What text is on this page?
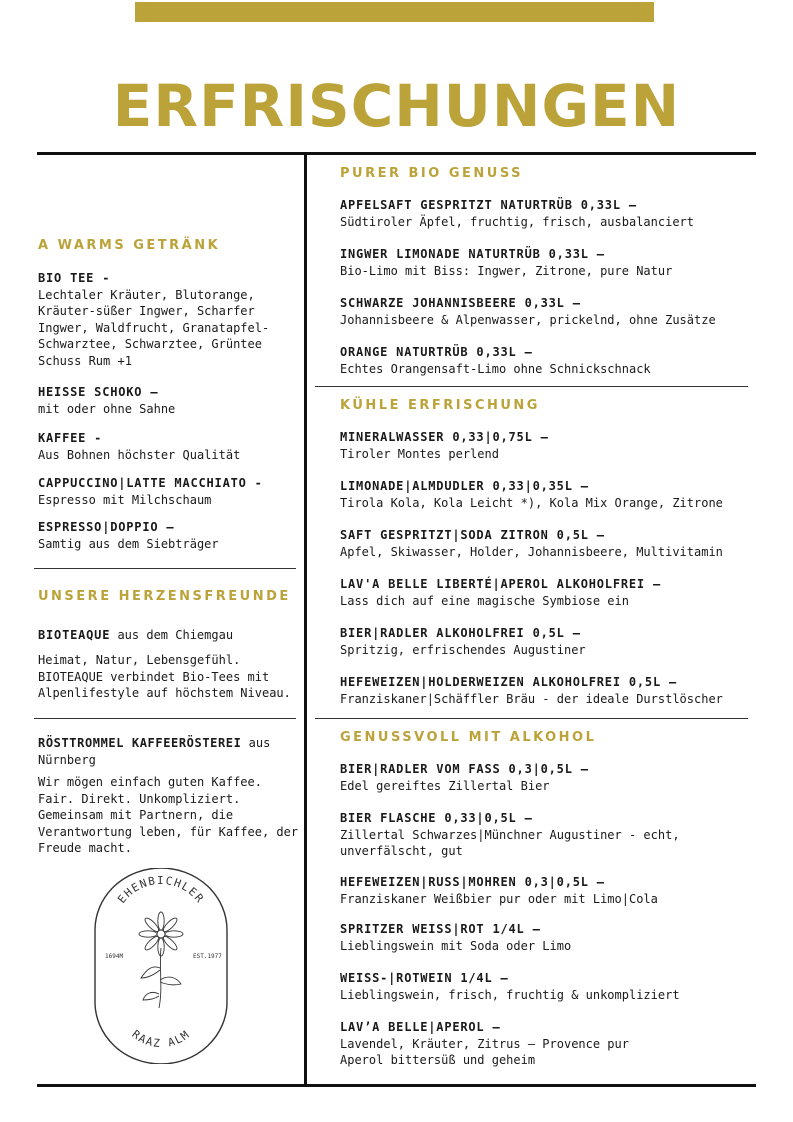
ERFRISCHUNGEN
A WARMS GETRÄNK
BIO TEE -
Lechtaler Kräuter, Blutorange, Kräuter-süßer Ingwer, Scharfer Ingwer, Waldfrucht, Granatapfel-Schwarztee, Schwarztee, Grüntee Schuss Rum +1
HEISSE SCHOKO –
mit oder ohne Sahne
KAFFEE -
Aus Bohnen höchster Qualität
CAPPUCCINO|LATTE MACCHIATO -
Espresso mit Milchschaum
ESPRESSO|DOPPIO –
Samtig aus dem Siebträger
UNSERE HERZENSFREUNDE
BIOTEAQUE aus dem Chiemgau
Heimat, Natur, Lebensgefühl. BIOTEAQUE verbindet Bio-Tees mit Alpenlifestyle auf höchstem Niveau.
RÖSTTROMMEL KAFFEERÖSTEREI aus Nürnberg
Wir mögen einfach guten Kaffee. Fair. Direkt. Unkompliziert. Gemeinsam mit Partnern, die Verantwortung leben, für Kaffee, der Freude macht.
EHENBICHLER
RAAZ ALM
1694M	EST.1977
PURER BIO GENUSS
APFELSAFT GESPRITZT NATURTRÜB 0,33L –
Südtiroler Äpfel, fruchtig, frisch, ausbalanciert
INGWER LIMONADE NATURTRÜB 0,33L –
Bio-Limo mit Biss: Ingwer, Zitrone, pure Natur
SCHWARZE JOHANNISBEERE 0,33L –
Johannisbeere & Alpenwasser, prickelnd, ohne Zusätze
ORANGE NATURTRÜB 0,33L –
Echtes Orangensaft-Limo ohne Schnickschnack
KÜHLE ERFRISCHUNG
MINERALWASSER 0,33|0,75L –
Tiroler Montes perlend
LIMONADE|ALMDUDLER 0,33|0,35L –
Tirola Kola, Kola Leicht *), Kola Mix Orange, Zitrone
SAFT GESPRITZT|SODA ZITRON 0,5L –
Apfel, Skiwasser, Holder, Johannisbeere, Multivitamin
LAV'A BELLE LIBERTÉ|APEROL ALKOHOLFREI –
Lass dich auf eine magische Symbiose ein
BIER|RADLER ALKOHOLFREI 0,5L –
Spritzig, erfrischendes Augustiner
HEFEWEIZEN|HOLDERWEIZEN ALKOHOLFREI 0,5L –
Franziskaner|Schäffler Bräu - der ideale Durstlöscher
GENUSSVOLL MIT ALKOHOL
BIER|RADLER VOM FASS 0,3|0,5L –
Edel gereiftes Zillertal Bier
BIER FLASCHE 0,33|0,5L –
Zillertal Schwarzes|Münchner Augustiner - echt, unverfälscht, gut
HEFEWEIZEN|RUSS|MOHREN 0,3|0,5L –
Franziskaner Weißbier pur oder mit Limo|Cola
SPRITZER WEISS|ROT 1/4L –
Lieblingswein mit Soda oder Limo
WEISS-|ROTWEIN 1/4L –
Lieblingswein, frisch, fruchtig & unkompliziert
LAV’A BELLE|APEROL –
Lavendel, Kräuter, Zitrus – Provence pur Aperol bittersüß und geheim
